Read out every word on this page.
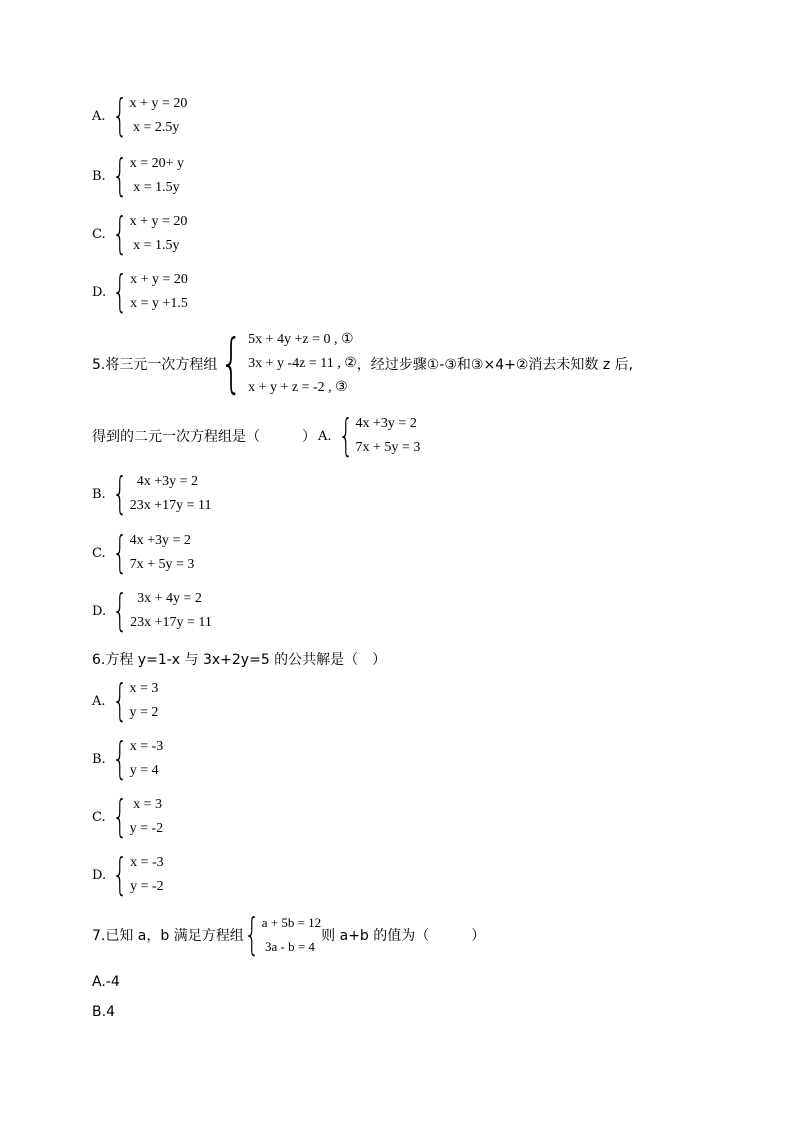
A. { x + y = 20
x = 2.5y
B. { x = 20+ y
x = 1.5y
C. { x + y = 20
x = 1.5y
D. { x + y = 20
x = y +1.5
5.将三元一次方程组 { 5x + 4y +z = 0 , ①
3x + y -4z = 11 , ②
x + y + z = -2 , ③
，经过步骤①-③和③×4+②消去未知数 z 后,
得到的二元一次方程组是（　　　） A. { 4x +3y = 2
7x + 5y = 3
B. { 4x +3y = 2
23x +17y = 11
C. { 4x +3y = 2
7x + 5y = 3
D. { 3x + 4y = 2
23x +17y = 11
6.方程 y=1-x 与 3x+2y=5 的公共解是（　）
A. { x = 3
y = 2
B. { x = -3
y = 4
C. { x = 3
y = -2
D. { x = -3
y = -2
7.已知 a，b 满足方程组 { a + 5b = 12
3a - b = 4
则 a+b 的值为（　　　）
A. -4
B. 4
